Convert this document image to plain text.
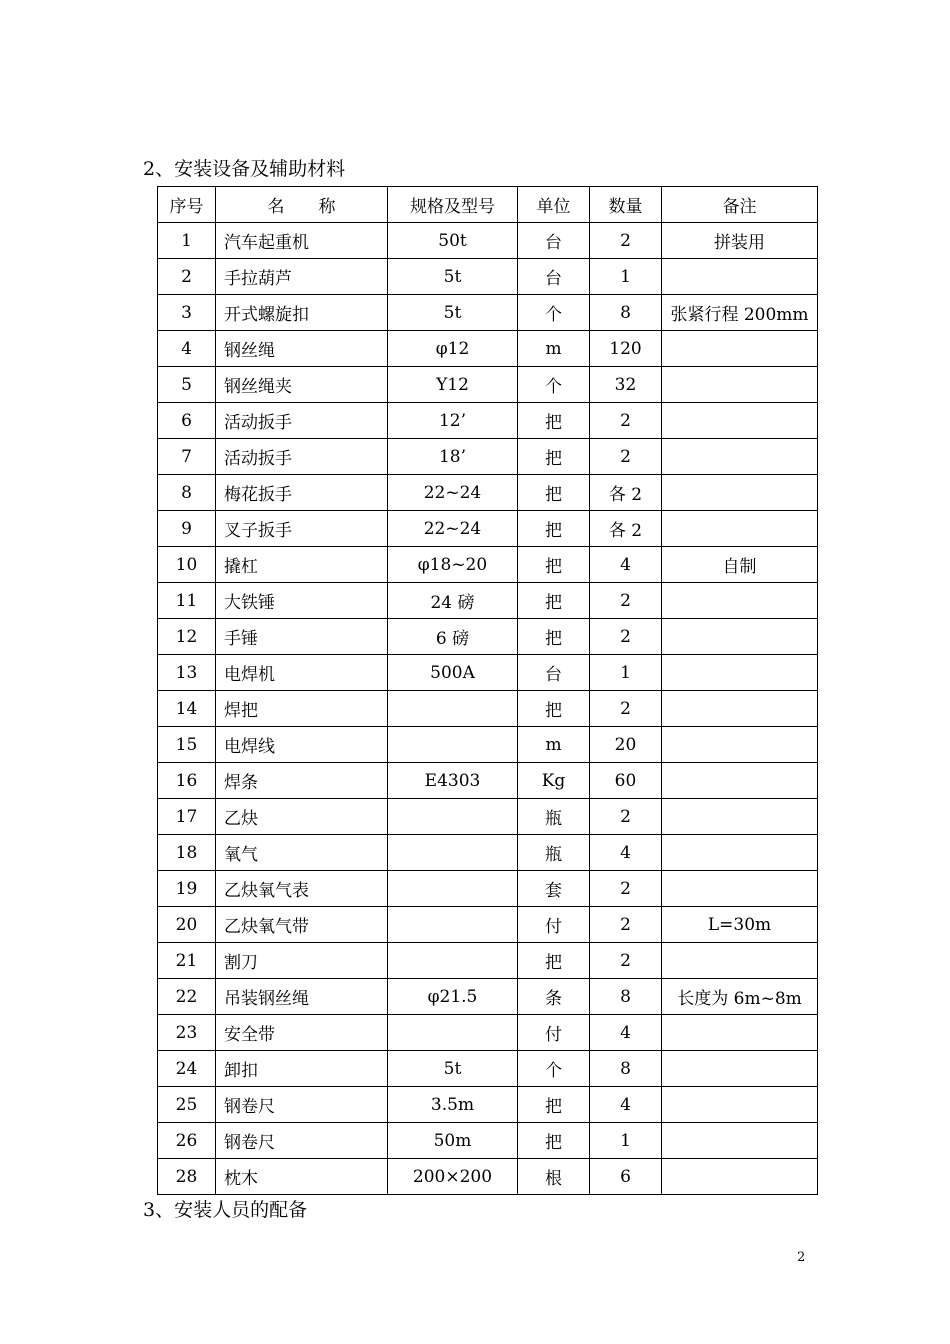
2、安装设备及辅助材料
序号	名　　称	规格及型号	单位	数量	备注
1	汽车起重机	50t	台	2	拼装用
2	手拉葫芦	5t	台	1	
3	开式螺旋扣	5t	个	8	张紧行程 200mm
4	钢丝绳	φ12	m	120	
5	钢丝绳夹	Y12	个	32	
6	活动扳手	12’	把	2	
7	活动扳手	18’	把	2	
8	梅花扳手	22~24	把	各 2	
9	叉子扳手	22~24	把	各 2	
10	撬杠	φ18~20	把	4	自制
11	大铁锤	24 磅	把	2	
12	手锤	6 磅	把	2	
13	电焊机	500A	台	1	
14	焊把		把	2	
15	电焊线		m	20	
16	焊条	E4303	Kg	60	
17	乙炔		瓶	2	
18	氧气		瓶	4	
19	乙炔氧气表		套	2	
20	乙炔氧气带		付	2	L=30m
21	割刀		把	2	
22	吊装钢丝绳	φ21.5	条	8	长度为 6m~8m
23	安全带		付	4	
24	卸扣	5t	个	8	
25	钢卷尺	3.5m	把	4	
26	钢卷尺	50m	把	1	
28	枕木	200×200	根	6	
3、安装人员的配备
2
